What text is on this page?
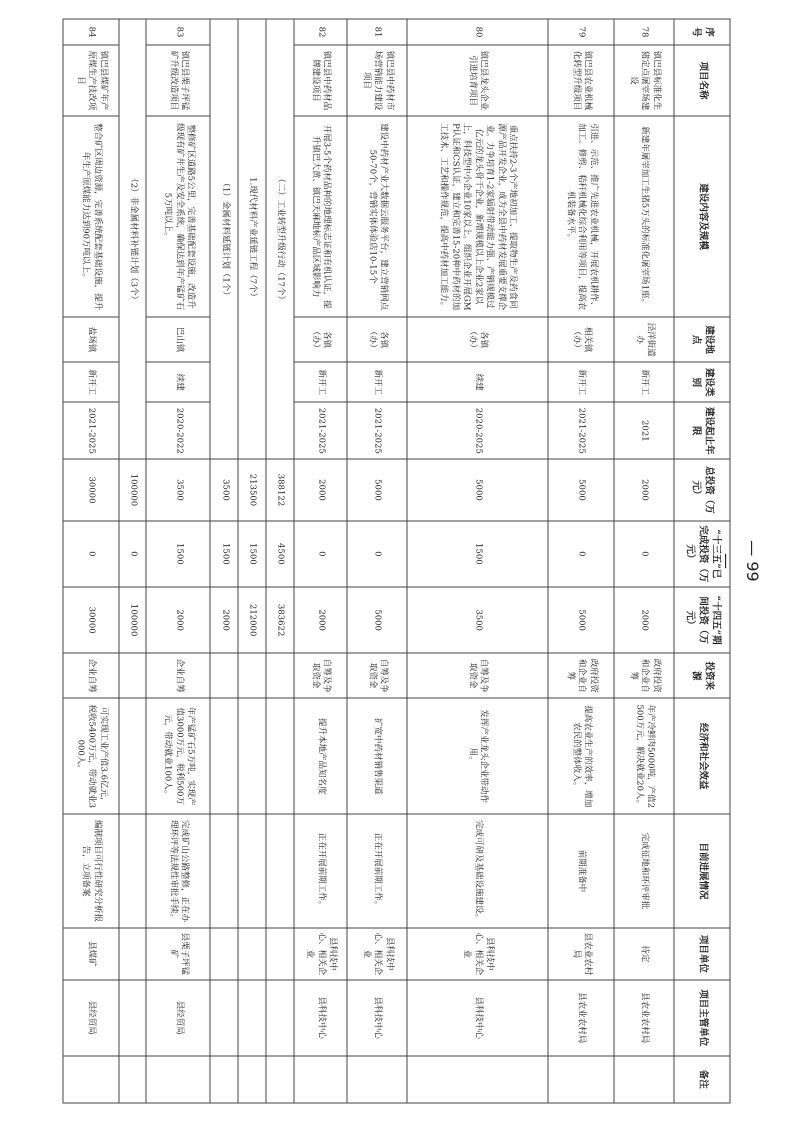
序号	项目名称	建设内容及规模	建设地点	建设类别	建设起止年限	总投资（万元）	“十三五”已完成投资（万元）	“十四五”期间投资（万元）	投资来源	经济和社会效益	目前进展情况	项目单位	项目主管单位	备注
78	镇巴县标准化生猪定点屠宰场建设	新建年屠宰加工生猪5万头的标准化屠宰场1座。	泾洋街道办	新开工	2021	2000	0	2000	政府投资和企业自筹	年产冷鲜肉5000吨，产值2500万元，解决就业20人。	完成征地和环评审批	待定	县农业农村局	
79	镇巴县农业机械化转型升级项目	引进、示范、推广先进农业机械，开展农机耕作、加工、修剪、秸秆机械化综合利用等项目，提高农机装备水平。	相关镇（办）	新开工	2021-2025	5000	0	5000	政府投资和企业自筹	提高农业生产的效率，增加农民的整体收入。	前期准备中	县农业农村局	县农业农村局	
80	镇巴县龙头企业引进培育项目	重点扶持2-3个产地初加工、提取物生产及药食同源产品开发企业，成为全县中药材发展重要支撑企业。力争培育1-2家辐射带动能力强、产销规模过亿元的龙头骨干企业，新增规模以上企业2家以上，科技型中小企业10家以上。组织企业开展GMP认证和CS认证，建立和完善15-20种中药材的加工技术、工艺和操作规范，提高中药材加工能力。	各镇（办）	续建	2020-2025	5000	1500	3500	自筹及争取资金	发挥产业龙头企业带动作用。	完成可研及基础设施建设。	县科技中心、相关企业	县科技中心	
81	镇巴县中药材市场营销能力建设项目	建设中药材产业大数据云服务平台，建立营销网点50-70个，营销实体体验店10-15个	各镇（办）	新开工	2021-2025	5000	0	5000	自筹及争取资金	扩宽中药材销售渠道	正在开展前期工作。	县科技中心、相关企业	县科技中心	
82	镇巴县中药材品牌建设项目	开展3-5个药材品种的地理标志证和有机认证，提升镇巴大黄、镇巴天麻地标产品区域影响力	各镇（办）	新开工	2021-2025	2000	0	2000	自筹及争取资金	提升本地产品知名度	正在开展前期工作。	县科技中心、相关企业	县科技中心	
（二）工业转型升级行动（17个）						388122	4500	383622						
1.现代材料产业延链工程（7个）						213500	1500	212000						
（1）金属材料延链计划（1个）						3500	1500	2000						
83	镇巴县栗子坪锰矿升级改造项目	整修矿区道路5公里，完善基础配套设施，改造升级现有矿井生产及安全系统，确保达到年产锰矿石5万吨以上。	巴山镇	续建	2020-2022	3500	1500	2000	企业自筹	年产锰矿石5万吨，实现产值3000万元，税利500万元，带动就业100人。	完成矿山公路整修，正在办理环评等法规性审批手续。	县栗子坪锰矿	县经贸局	
（2）非金属材料补链计划（3个）						100000	0	100000						
84	镇巴县煤矿年产原煤生产技改项目	整合矿区周边资源，完善系统配套基础设施，提升年生产原煤能力达到90万吨以上。	盐场镇	新开工	2021-2025	30000	0	30000	企业自筹	可实现工业产值3.6亿元，税收5400万元，带动就业3000人。	编制项目可行性研究分析报告，立项备案	县煤矿	县经贸局	
— 99 —
